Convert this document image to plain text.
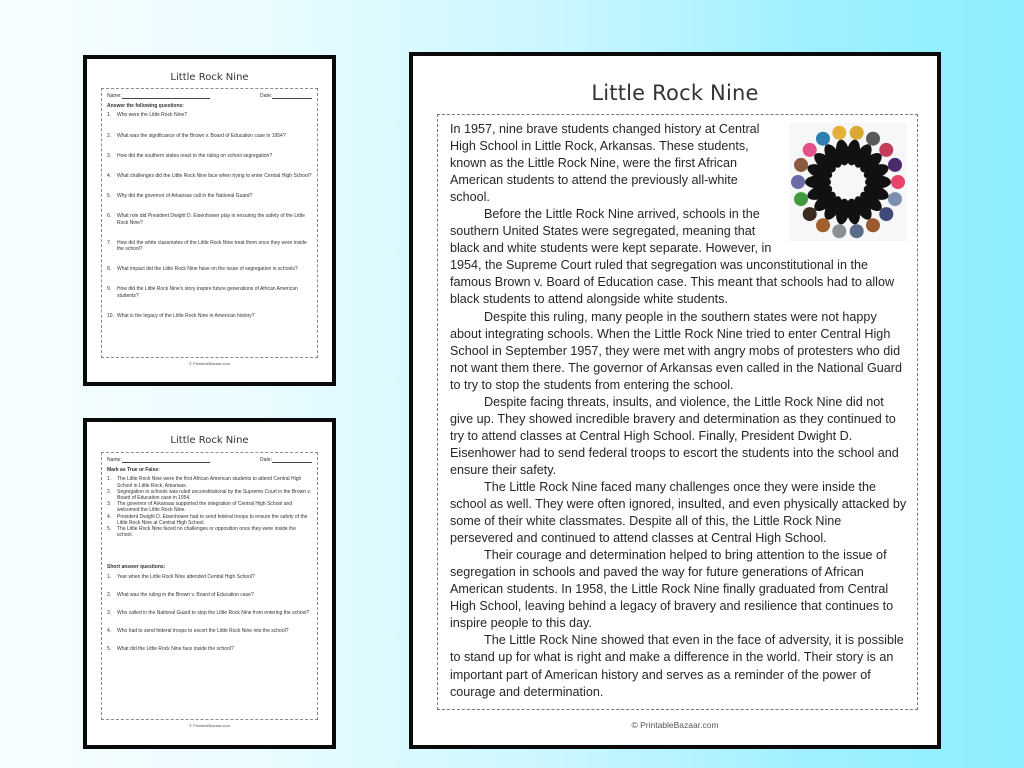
Little Rock Nine
Name:	Date:
Answer the following questions:
1.	Who were the Little Rock Nine?
2.	What was the significance of the Brown v. Board of Education case in 1954?
3.	How did the southern states react to the ruling on school segregation?
4.	What challenges did the Little Rock Nine face when trying to enter Central High School?
5.	Why did the governor of Arkansas call in the National Guard?
6.	What role did President Dwight D. Eisenhower play in ensuring the safety of the Little Rock Nine?
7.	How did the white classmates of the Little Rock Nine treat them once they were inside the school?
8.	What impact did the Little Rock Nine have on the issue of segregation in schools?
9.	How did the Little Rock Nine's story inspire future generations of African American students?
10. What is the legacy of the Little Rock Nine in American history?
© PrintableBazaar.com
Little Rock Nine
Name:	Date:
Mark as True or False:
1.	The Little Rock Nine were the first African American students to attend Central High School in Little Rock, Arkansas.
2.	Segregation in schools was ruled unconstitutional by the Supreme Court in the Brown v. Board of Education case in 1954.
3.	The governor of Arkansas supported the integration of Central High School and welcomed the Little Rock Nine.
4.	President Dwight D. Eisenhower had to send federal troops to ensure the safety of the Little Rock Nine at Central High School.
5.	The Little Rock Nine faced no challenges or opposition once they were inside the school.
Short answer questions:
1.	Year when the Little Rock Nine attended Central High School?
2.	What was the ruling in the Brown v. Board of Education case?
3.	Who called in the National Guard to stop the Little Rock Nine from entering the school?
4.	Who had to send federal troops to escort the Little Rock Nine into the school?
5.	What did the Little Rock Nine face inside the school?
© PrintableBazaar.com
Little Rock Nine

In 1957, nine brave students changed history at Central High School in Little Rock, Arkansas. These students, known as the Little Rock Nine, were the first African American students to attend the previously all-white school.

Before the Little Rock Nine arrived, schools in the southern United States were segregated, meaning that black and white students were kept separate. However, in 1954, the Supreme Court ruled that segregation was unconstitutional in the famous Brown v. Board of Education case. This meant that schools had to allow black students to attend alongside white students.

Despite this ruling, many people in the southern states were not happy about integrating schools. When the Little Rock Nine tried to enter Central High School in September 1957, they were met with angry mobs of protesters who did not want them there. The governor of Arkansas even called in the National Guard to try to stop the students from entering the school.

Despite facing threats, insults, and violence, the Little Rock Nine did not give up. They showed incredible bravery and determination as they continued to try to attend classes at Central High School. Finally, President Dwight D. Eisenhower had to send federal troops to escort the students into the school and ensure their safety.

The Little Rock Nine faced many challenges once they were inside the school as well. They were often ignored, insulted, and even physically attacked by some of their white classmates. Despite all of this, the Little Rock Nine persevered and continued to attend classes at Central High School.

Their courage and determination helped to bring attention to the issue of segregation in schools and paved the way for future generations of African American students. In 1958, the Little Rock Nine finally graduated from Central High School, leaving behind a legacy of bravery and resilience that continues to inspire people to this day.

The Little Rock Nine showed that even in the face of adversity, it is possible to stand up for what is right and make a difference in the world. Their story is an important part of American history and serves as a reminder of the power of courage and determination.

© PrintableBazaar.com
